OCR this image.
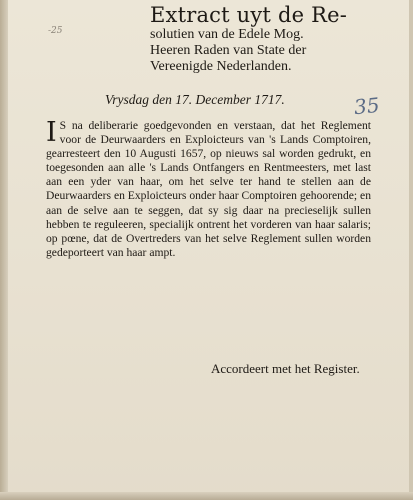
-25
Extract uyt de Re-
solutien van de Edele Mog.
Heeren Raden van State der
Vereenigde Nederlanden.
Vrysdag den 17. December 1717.	35
I S na deliberarie goedgevonden en verstaan, dat het Reglement voor de Deurwaarders en Exploicteurs van 's Lands Comptoiren, gearresteert den 10 Augusti 1657, op nieuws sal worden gedrukt, en toegesonden aan alle 's Lands Ontfangers en Rentmeesters, met last aan een yder van haar, om het selve ter hand te stellen aan de Deurwaarders en Exploicteurs onder haar Comptoiren gehoorende; en aan de selve aan te seggen, dat sy sig daar na precieselijk sullen hebben te reguleeren, specialijk ontrent het vorderen van haar salaris; op pœne, dat de Overtreders van het selve Reglement sullen worden gedeporteert van haar ampt.
Accordeert met het Register.
